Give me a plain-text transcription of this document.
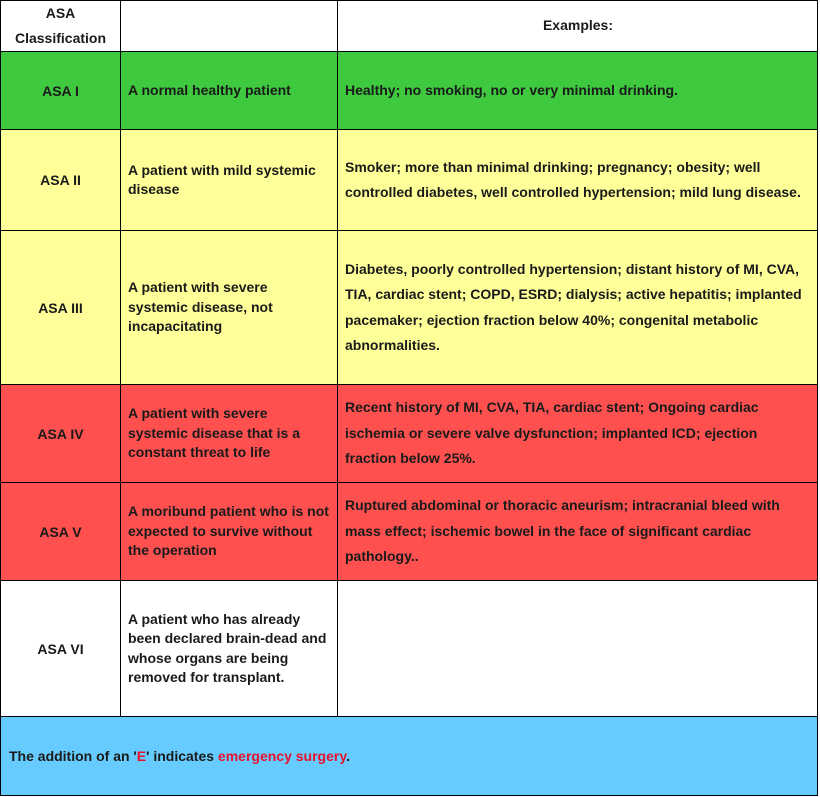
ASA Classification		Examples:
ASA I	A normal healthy patient	Healthy; no smoking, no or very minimal drinking.
ASA II	A patient with mild systemic disease	Smoker; more than minimal drinking; pregnancy; obesity; well controlled diabetes, well controlled hypertension; mild lung disease.
ASA III	A patient with severe systemic disease, not incapacitating	Diabetes, poorly controlled hypertension; distant history of MI, CVA, TIA, cardiac stent; COPD, ESRD; dialysis; active hepatitis; implanted pacemaker; ejection fraction below 40%; congenital metabolic abnormalities.
ASA IV	A patient with severe systemic disease that is a constant threat to life	Recent history of MI, CVA, TIA, cardiac stent; Ongoing cardiac ischemia or severe valve dysfunction; implanted ICD; ejection fraction below 25%.
ASA V	A moribund patient who is not expected to survive without the operation	Ruptured abdominal or thoracic aneurism; intracranial bleed with mass effect; ischemic bowel in the face of significant cardiac pathology..
ASA VI	A patient who has already been declared brain-dead and whose organs are being removed for transplant.	
The addition of an 'E' indicates emergency surgery.		
